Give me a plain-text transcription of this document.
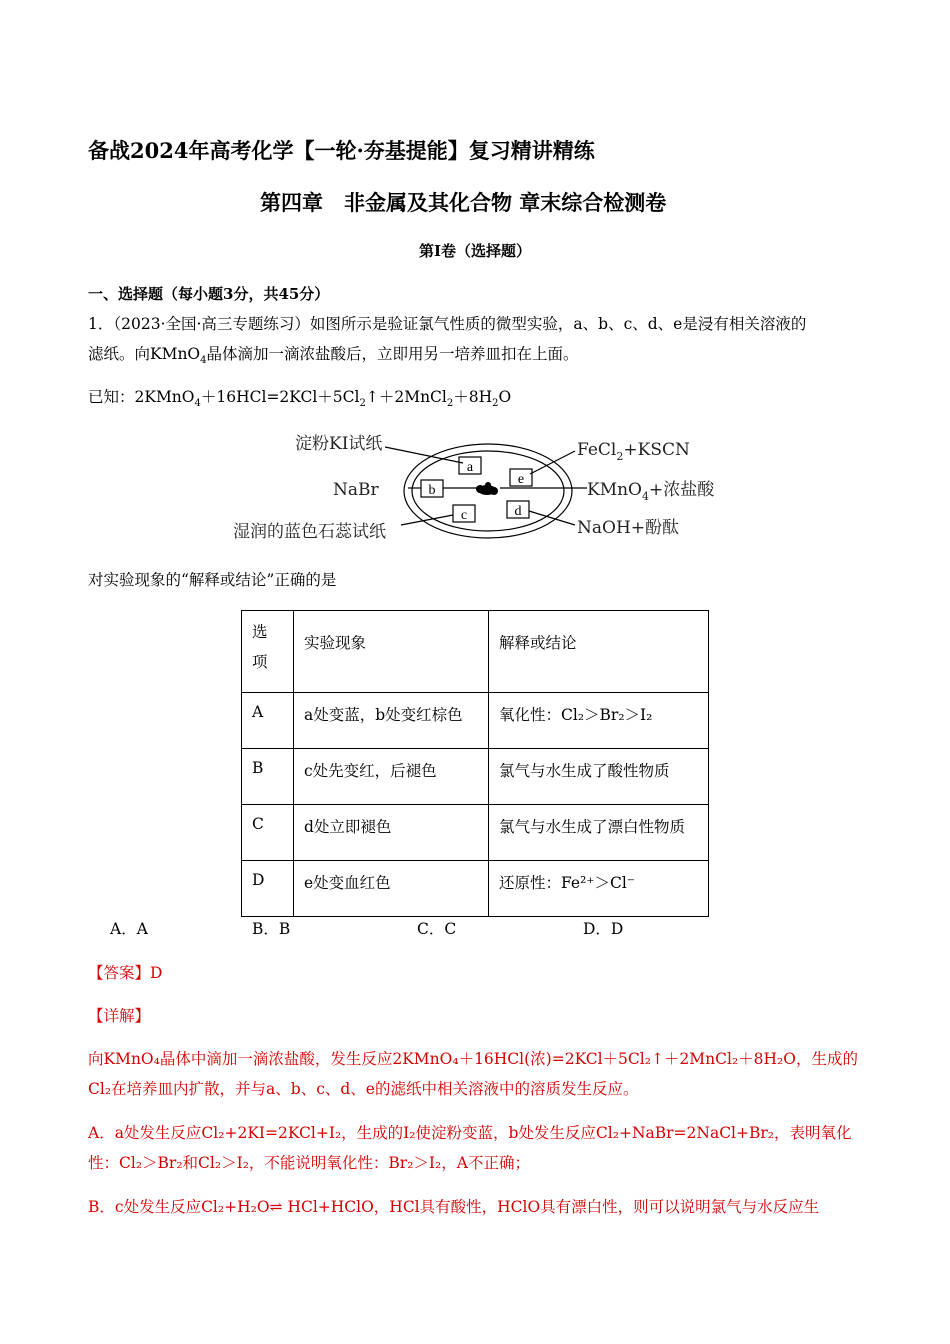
备战2024年高考化学【一轮·夯基提能】复习精讲精练
第四章　非金属及其化合物 章末综合检测卷
第I卷（选择题）
一、选择题（每小题3分，共45分）
1．（2023·全国·高三专题练习）如图所示是验证氯气性质的微型实验，a、b、c、d、e是浸有相关溶液的
滤纸。向KMnO$_4$晶体滴加一滴浓盐酸后，立即用另一培养皿扣在上面。
已知：$2KMnO_4+16HCl=2KCl+5Cl_2↑+2MnCl_2+8H_2O$
a
b
c	d
e
淀粉KI试纸
NaBr
湿润的蓝色石蕊试纸
FeCl$_2$+KSCN
KMnO$_4$+浓盐酸
NaOH+酚酞
对实验现象的“解释或结论”正确的是
选
项	实验现象	解释或结论
A	a处变蓝，b处变红棕色	氧化性：Cl₂＞Br₂＞I₂
B	c处先变红，后褪色	氯气与水生成了酸性物质
C	d处立即褪色	氯气与水生成了漂白性物质
D	e处变血红色	还原性：Fe²⁺＞Cl⁻
A．A	B．B	C．C	D．D
【答案】D
【详解】
向KMnO₄晶体中滴加一滴浓盐酸，发生反应2KMnO₄＋16HCl(浓)=2KCl＋5Cl₂↑＋2MnCl₂＋8H₂O，生成的
Cl₂在培养皿内扩散，并与a、b、c、d、e的滤纸中相关溶液中的溶质发生反应。
A．a处发生反应Cl₂+2KI=2KCl+I₂，生成的I₂使淀粉变蓝，b处发生反应Cl₂+NaBr=2NaCl+Br₂，表明氧化
性：Cl₂＞Br₂和Cl₂＞I₂，不能说明氧化性：Br₂＞I₂，A不正确；
B．c处发生反应Cl₂+H₂O⇌ HCl+HClO，HCl具有酸性，HClO具有漂白性，则可以说明氯气与水反应生
